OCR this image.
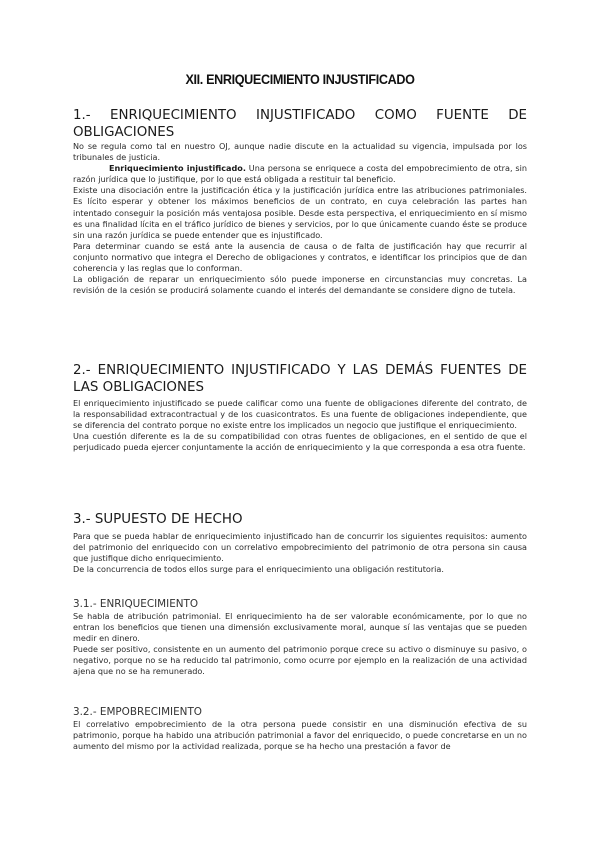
XII. ENRIQUECIMIENTO INJUSTIFICADO
1.- ENRIQUECIMIENTO INJUSTIFICADO COMO FUENTE DE
OBLIGACIONES

No se regula como tal en nuestro OJ, aunque nadie discute en la actualidad su vigencia, impulsada por los tribunales de justicia.

Enriquecimiento injustificado. Una persona se enriquece a costa del empobrecimiento de otra, sin razón jurídica que lo justifique, por lo que está obligada a restituir tal beneficio.

Existe una disociación entre la justificación ética y la justificación jurídica entre las atribuciones patrimoniales. Es lícito esperar y obtener los máximos beneficios de un contrato, en cuya celebración las partes han intentado conseguir la posición más ventajosa posible. Desde esta perspectiva, el enriquecimiento en sí mismo es una finalidad lícita en el tráfico jurídico de bienes y servicios, por lo que únicamente cuando éste se produce sin una razón jurídica se puede entender que es injustificado.

Para determinar cuando se está ante la ausencia de causa o de falta de justificación hay que recurrir al conjunto normativo que integra el Derecho de obligaciones y contratos, e identificar los principios que de dan coherencia y las reglas que lo conforman.

La obligación de reparar un enriquecimiento sólo puede imponerse en circunstancias muy concretas. La revisión de la cesión se producirá solamente cuando el interés del demandante se considere digno de tutela.

2.- ENRIQUECIMIENTO INJUSTIFICADO Y LAS DEMÁS FUENTES DE LAS OBLIGACIONES

El enriquecimiento injustificado se puede calificar como una fuente de obligaciones diferente del contrato, de la responsabilidad extracontractual y de los cuasicontratos. Es una fuente de obligaciones independiente, que se diferencia del contrato porque no existe entre los implicados un negocio que justifique el enriquecimiento.

Una cuestión diferente es la de su compatibilidad con otras fuentes de obligaciones, en el sentido de que el perjudicado pueda ejercer conjuntamente la acción de enriquecimiento y la que corresponda a esa otra fuente.

3.- SUPUESTO DE HECHO

Para que se pueda hablar de enriquecimiento injustificado han de concurrir los siguientes requisitos: aumento del patrimonio del enriquecido con un correlativo empobrecimiento del patrimonio de otra persona sin causa que justifique dicho enriquecimiento.

De la concurrencia de todos ellos surge para el enriquecimiento una obligación restitutoria.

3.1.- ENRIQUECIMIENTO

Se habla de atribución patrimonial. El enriquecimiento ha de ser valorable económicamente, por lo que no entran los beneficios que tienen una dimensión exclusivamente moral, aunque sí las ventajas que se pueden medir en dinero.

Puede ser positivo, consistente en un aumento del patrimonio porque crece su activo o disminuye su pasivo, o negativo, porque no se ha reducido tal patrimonio, como ocurre por ejemplo en la realización de una actividad ajena que no se ha remunerado.

3.2.- EMPOBRECIMIENTO

El correlativo empobrecimiento de la otra persona puede consistir en una disminución efectiva de su patrimonio, porque ha habido una atribución patrimonial a favor del enriquecido, o puede concretarse en un no aumento del mismo por la actividad realizada, porque se ha hecho una prestación a favor de
